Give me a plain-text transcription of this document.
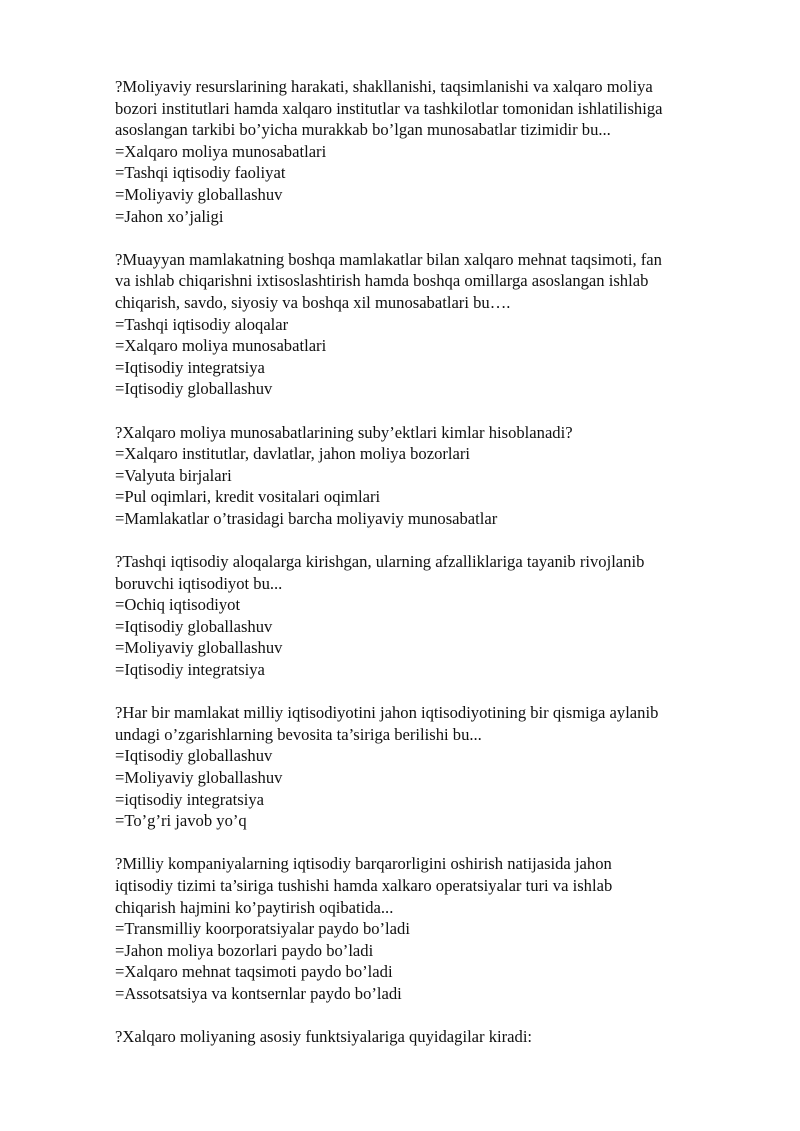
?Moliyaviy resurslarining harakati, shakllanishi, taqsimlanishi va xalqaro moliya
bozori institutlari hamda xalqaro institutlar va tashkilotlar tomonidan ishlatilishiga
asoslangan tarkibi bo’yicha murakkab bo’lgan munosabatlar tizimidir bu...
=Xalqaro moliya munosabatlari
=Tashqi iqtisodiy faoliyat
=Moliyaviy globallashuv
=Jahon xo’jaligi
?Muayyan mamlakatning boshqa mamlakatlar bilan xalqaro mehnat taqsimoti, fan
va ishlab chiqarishni ixtisoslashtirish hamda boshqa omillarga asoslangan ishlab
chiqarish, savdo, siyosiy va boshqa xil munosabatlari bu….
=Tashqi iqtisodiy aloqalar
=Xalqaro moliya munosabatlari
=Iqtisodiy integratsiya
=Iqtisodiy globallashuv
?Xalqaro moliya munosabatlarining suby’ektlari kimlar hisoblanadi?
=Xalqaro institutlar, davlatlar, jahon moliya bozorlari
=Valyuta birjalari
=Pul oqimlari, kredit vositalari oqimlari
=Mamlakatlar o’trasidagi barcha moliyaviy munosabatlar
?Tashqi iqtisodiy aloqalarga kirishgan, ularning afzalliklariga tayanib rivojlanib
boruvchi iqtisodiyot bu...
=Ochiq iqtisodiyot
=Iqtisodiy globallashuv
=Moliyaviy globallashuv
=Iqtisodiy integratsiya
?Har bir mamlakat milliy iqtisodiyotini jahon iqtisodiyotining bir qismiga aylanib
undagi o’zgarishlarning bevosita ta’siriga berilishi bu...
=Iqtisodiy globallashuv
=Moliyaviy globallashuv
=iqtisodiy integratsiya
=To’g’ri javob yo’q
?Milliy kompaniyalarning iqtisodiy barqarorligini oshirish natijasida jahon
iqtisodiy tizimi ta’siriga tushishi hamda xalkaro operatsiyalar turi va ishlab
chiqarish hajmini ko’paytirish oqibatida...
=Transmilliy koorporatsiyalar paydo bo’ladi
=Jahon moliya bozorlari paydo bo’ladi
=Xalqaro mehnat taqsimoti paydo bo’ladi
=Assotsatsiya va kontsernlar paydo bo’ladi
?Xalqaro moliyaning asosiy funktsiyalariga quyidagilar kiradi:
